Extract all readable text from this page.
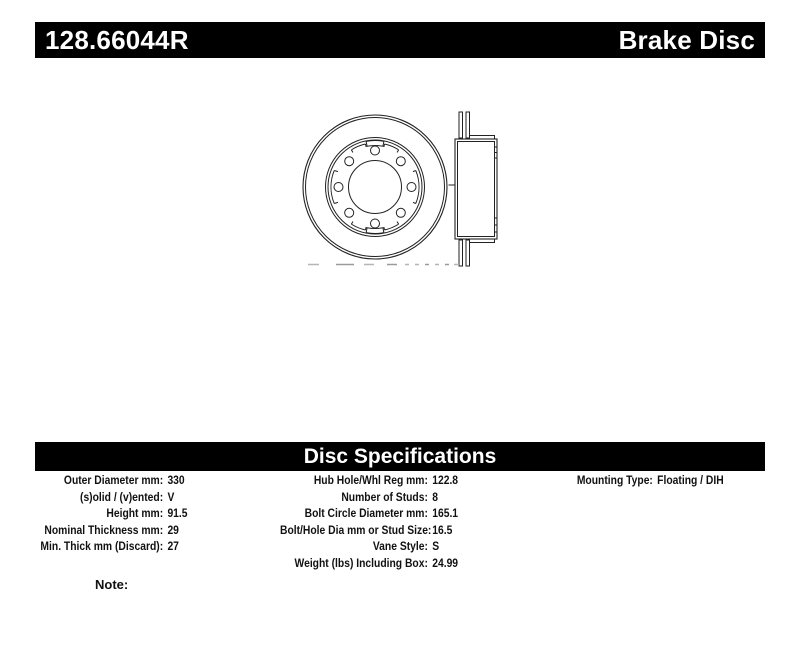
128.66044R	Brake Disc
Disc Specifications
Outer Diameter mm: 330
(s)olid / (v)ented: V
Height mm: 91.5
Nominal Thickness mm: 29
Min. Thick mm (Discard): 27
Hub Hole/Whl Reg mm: 122.8
Number of Studs: 8
Bolt Circle Diameter mm: 165.1
Bolt/Hole Dia mm or Stud Size: 16.5
Vane Style: S
Weight (lbs) Including Box: 24.99
Mounting Type: Floating / DIH
Note:
